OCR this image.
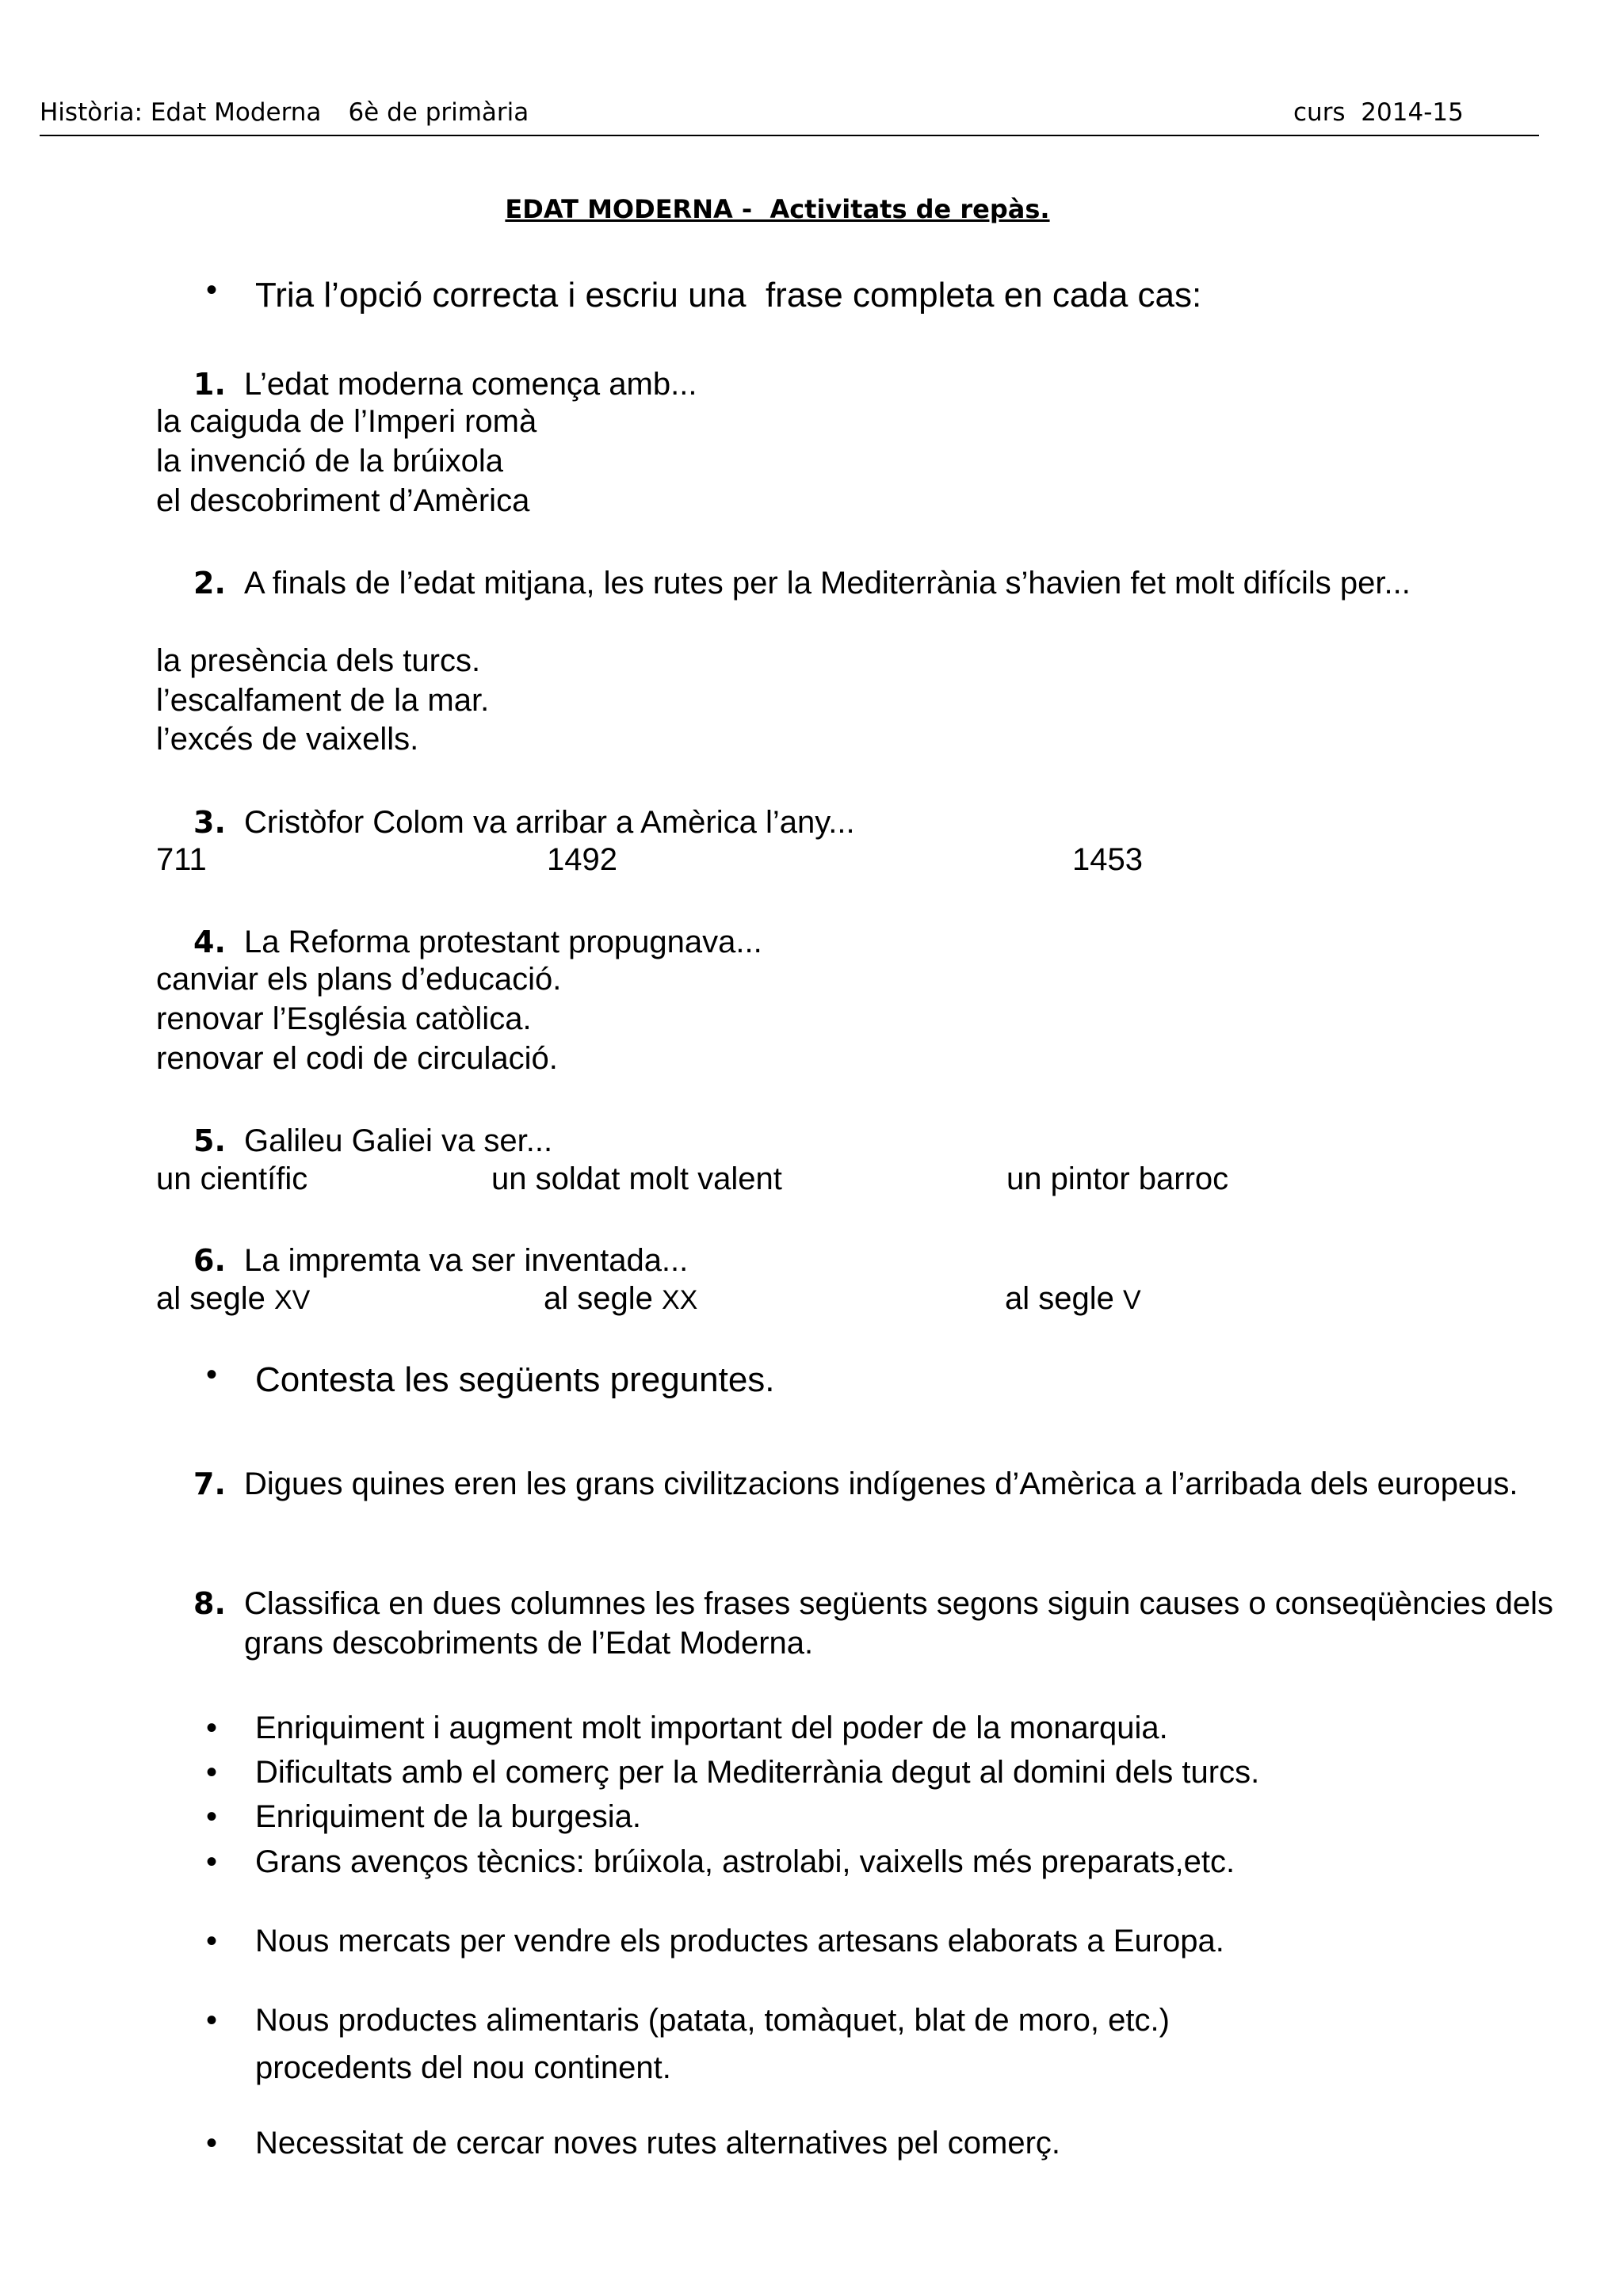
Història: Edat Moderna 6è de primària	curs  2014-15
EDAT MODERNA -  Activitats de repàs.

•

Tria l’opció correcta i escriu una  frase completa en cada cas:

1. L’edat moderna comença amb...
la caiguda de l’Imperi romà
la invenció de la brúixola
el descobriment d’Amèrica
2. A finals de l’edat mitjana, les rutes per la Mediterrània s’havien fet molt difícils per...
la presència dels turcs.
l’escalfament de la mar.
l’excés de vaixells.
3. Cristòfor Colom va arribar a Amèrica l’any...
711	1492	1453
4. La Reforma protestant propugnava...
canviar els plans d’educació.
renovar l’Església catòlica.
renovar el codi de circulació.
5. Galileu Galiei va ser...
un científic	un soldat molt valent	un pintor barroc
6. La impremta va ser inventada...
al segle XV	al segle XX	al segle V

•

Contesta les següents preguntes.

7. Digues quines eren les grans civilitzacions indígenes d’Amèrica a l’arribada dels europeus.
8. Classifica en dues columnes les frases següents segons siguin causes o conseqüències dels grans descobriments de l’Edat Moderna.
• Enriquiment i augment molt important del poder de la monarquia.
• Dificultats amb el comerç per la Mediterrània degut al domini dels turcs.
• Enriquiment de la burgesia.
• Grans avenços tècnics: brúixola, astrolabi, vaixells més preparats,etc.
• Nous mercats per vendre els productes artesans elaborats a Europa.
• Nous productes alimentaris (patata, tomàquet, blat de moro, etc.) procedents del nou continent.
• Necessitat de cercar noves rutes alternatives pel comerç.
